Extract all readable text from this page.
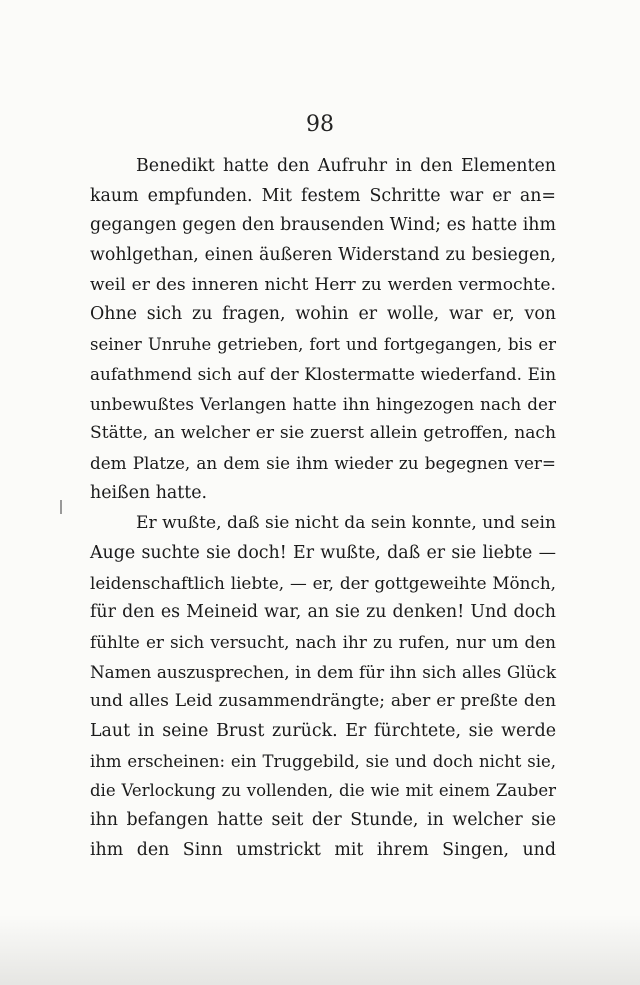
98
Benedikt hatte den Aufruhr in den Elementen
kaum empfunden. Mit festem Schritte war er an=
gegangen gegen den brausenden Wind; es hatte ihm
wohlgethan, einen äußeren Widerstand zu besiegen,
weil er des inneren nicht Herr zu werden vermochte.
Ohne sich zu fragen, wohin er wolle, war er, von
seiner Unruhe getrieben, fort und fortgegangen, bis er
aufathmend sich auf der Klostermatte wiederfand. Ein
unbewußtes Verlangen hatte ihn hingezogen nach der
Stätte, an welcher er sie zuerst allein getroffen, nach
dem Platze, an dem sie ihm wieder zu begegnen ver=
heißen hatte.
Er wußte, daß sie nicht da sein konnte, und sein
Auge suchte sie doch! Er wußte, daß er sie liebte —
leidenschaftlich liebte, — er, der gottgeweihte Mönch,
für den es Meineid war, an sie zu denken! Und doch
fühlte er sich versucht, nach ihr zu rufen, nur um den
Namen auszusprechen, in dem für ihn sich alles Glück
und alles Leid zusammendrängte; aber er preßte den
Laut in seine Brust zurück. Er fürchtete, sie werde
ihm erscheinen: ein Truggebild, sie und doch nicht sie,
die Verlockung zu vollenden, die wie mit einem Zauber
ihn befangen hatte seit der Stunde, in welcher sie
ihm den Sinn umstrickt mit ihrem Singen, und
